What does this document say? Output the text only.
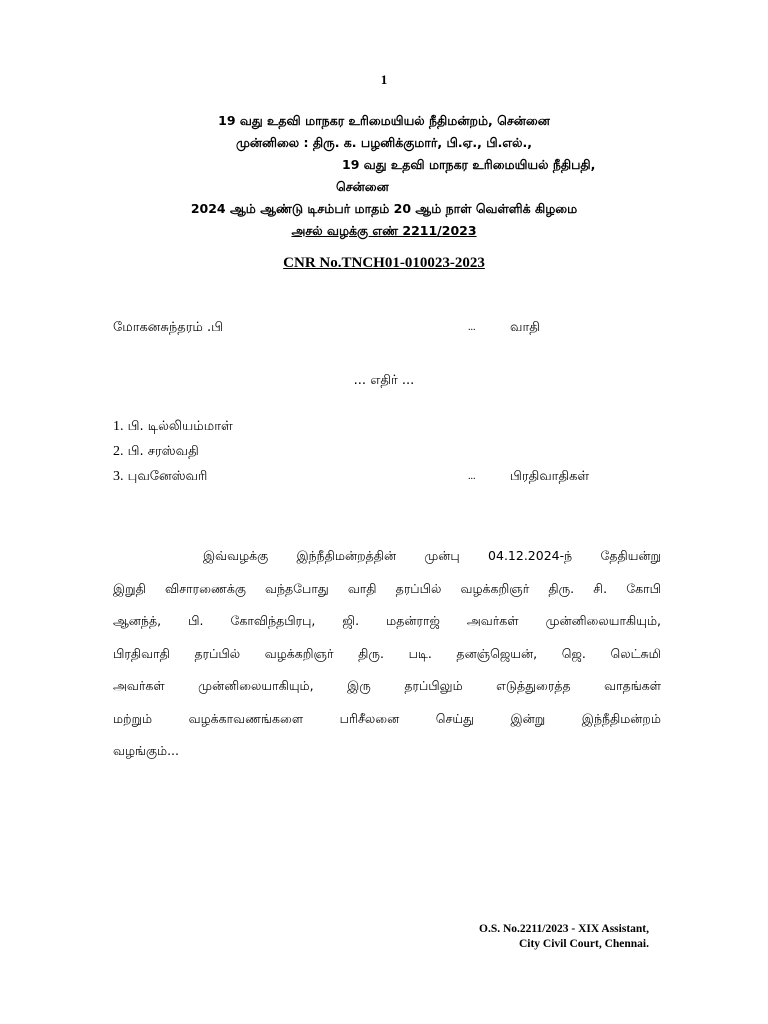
1
19 வது உதவி மாநகர உரிமையியல் நீதிமன்றம், சென்னை
முன்னிலை : திரு. க. பழனிக்குமார், பி.ஏ., பி.எல்.,
19 வது உதவி மாநகர உரிமையியல் நீதிபதி,
சென்னை
2024 ஆம் ஆண்டு டிசம்பர் மாதம் 20 ஆம் நாள் வெள்ளிக் கிழமை
அசல் வழக்கு எண் 2211/2023
CNR No.TNCH01-010023-2023
மோகனசுந்தரம் .பி	...	வாதி
... எதிர் ...
1. பி. டில்லியம்மாள்
2. பி. சரஸ்வதி
3. புவனேஸ்வரி	...	பிரதிவாதிகள்
இவ்வழக்கு இந்நீதிமன்றத்தின் முன்பு 04.12.2024-ந் தேதியன்று
இறுதி விசாரணைக்கு வந்தபோது வாதி தரப்பில் வழக்கறிஞர் திரு. சி. கோபி
ஆனந்த், பி. கோவிந்தபிரபு, ஜி. மதன்ராஜ் அவர்கள் முன்னிலையாகியும்,
பிரதிவாதி தரப்பில் வழக்கறிஞர் திரு. படி. தனஞ்ஜெயன், ஜெ. லெட்சுமி
அவர்கள் முன்னிலையாகியும், இரு தரப்பிலும் எடுத்துரைத்த வாதங்கள்
மற்றும் வழக்காவணங்களை பரிசீலனை செய்து இன்று இந்நீதிமன்றம்
வழங்கும்...
O.S. No.2211/2023 - XIX Assistant,
City Civil Court, Chennai.
